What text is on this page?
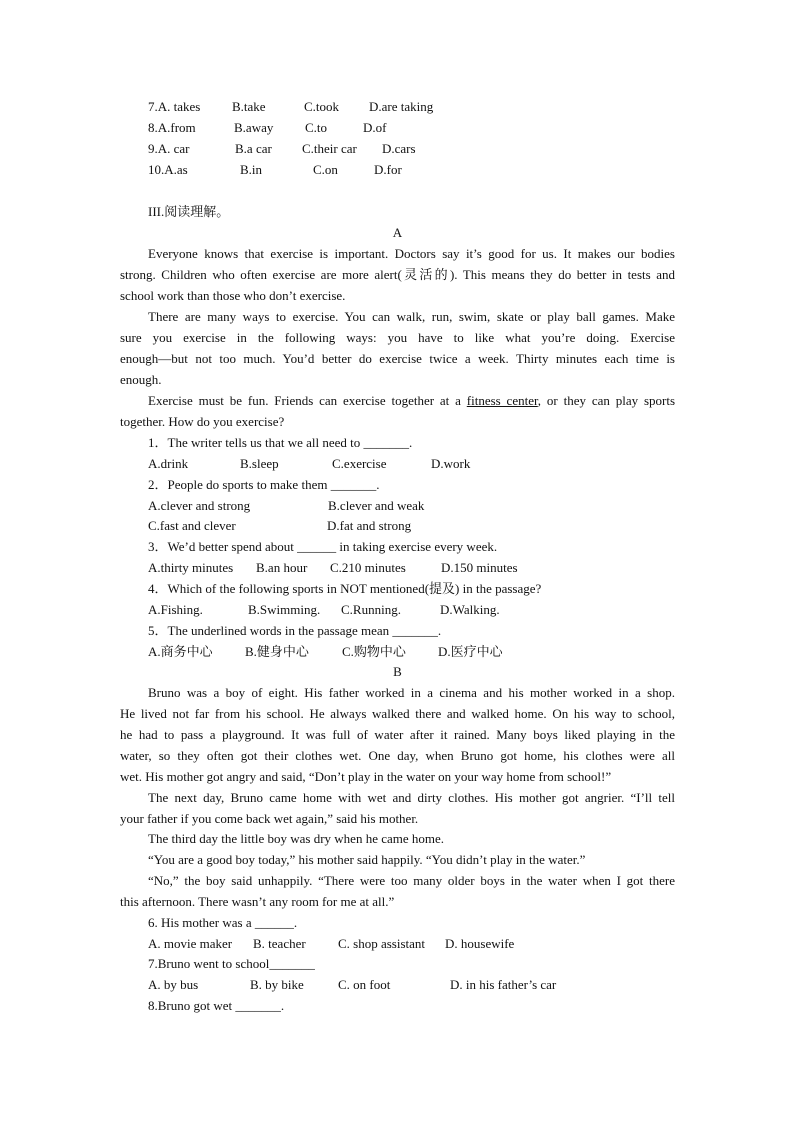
7.A. takes B.take	C.took D.are taking
8.A.from	B.away C.to	D.of
9.A. car	B.a car C.their car D.cars
10.A.as	B.in	C.on	D.for
III.阅读理解。
A
Everyone knows that exercise is important. Doctors say it’s good for us. It makes our bodies
strong. Children who often exercise are more alert(灵活的). This means they do better in tests and
school work than those who don’t exercise.
There are many ways to exercise. You can walk, run, swim, skate or play ball games. Make
sure you exercise in the following ways: you have to like what you’re doing. Exercise
enough—but not too much. You’d better do exercise twice a week. Thirty minutes each time is
enough.
Exercise must be fun. Friends can exercise together at a fitness center, or they can play sports
together. How do you exercise?
1．The writer tells us that we all need to _______.
A.drink	B.sleep	C.exercise	D.work
2．People do sports to make them _______.
A.clever and strong	B.clever and weak
C.fast and clever	D.fat and strong
3．We’d better spend about ______ in taking exercise every week.
A.thirty minutes B.an hour C.210 minutes	D.150 minutes
4．Which of the following sports in NOT mentioned(提及) in the passage?
A.Fishing.	B.Swimming. C.Running.	D.Walking.
5．The underlined words in the passage mean _______.
A.商务中心 B.健身中心	C.购物中心 D.医疗中心
B
Bruno was a boy of eight. His father worked in a cinema and his mother worked in a shop.
He lived not far from his school. He always walked there and walked home. On his way to school,
he had to pass a playground. It was full of water after it rained. Many boys liked playing in the
water, so they often got their clothes wet. One day, when Bruno got home, his clothes were all
wet. His mother got angry and said, “Don’t play in the water on your way home from school!”
The next day, Bruno came home with wet and dirty clothes. His mother got angrier. “I’ll tell
your father if you come back wet again,” said his mother.
The third day the little boy was dry when he came home.
“You are a good boy today,” his mother said happily. “You didn’t play in the water.”
“No,” the boy said unhappily. “There were too many older boys in the water when I got there
this afternoon. There wasn’t any room for me at all.”
6. His mother was a ______.
A. movie maker B. teacher C. shop assistant D. housewife
7.Bruno went to school_______
A. by bus	B. by bike	C. on foot	D. in his father’s car
8.Bruno got wet _______.
